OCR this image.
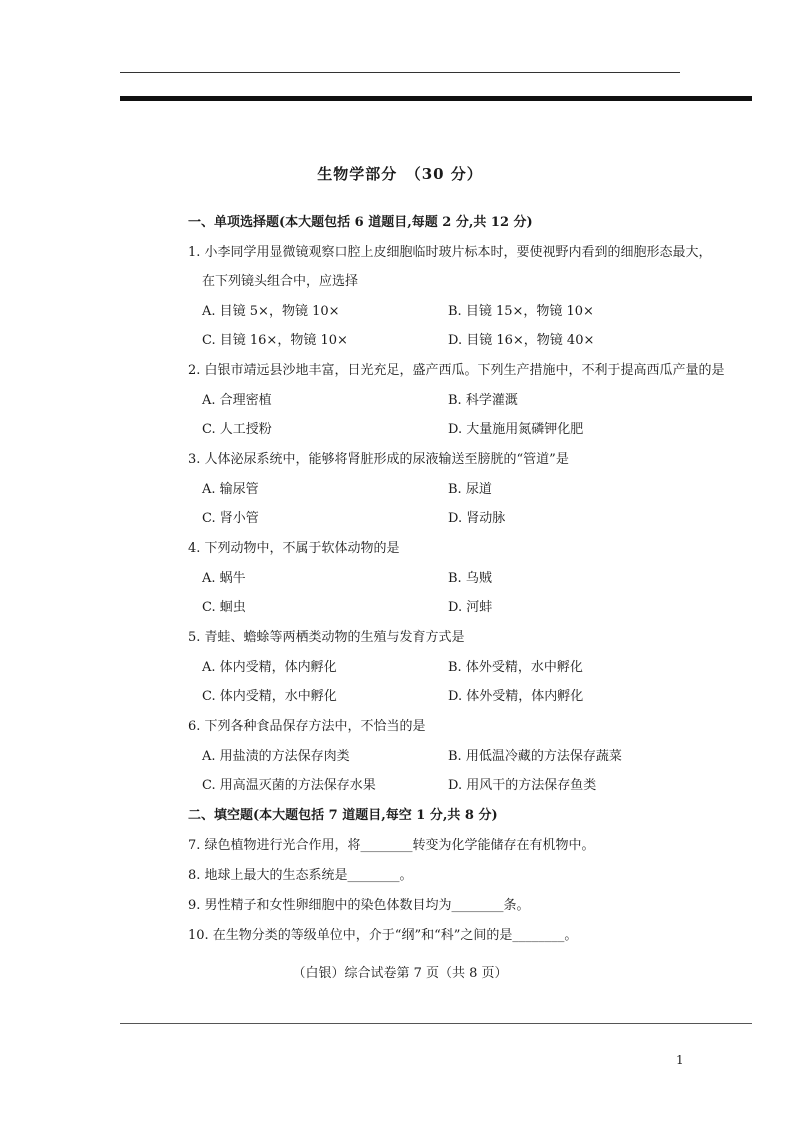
生物学部分　（30 分）
一、单项选择题(本大题包括 6 道题目,每题 2 分,共 12 分)
1. 小李同学用显微镜观察口腔上皮细胞临时玻片标本时，要使视野内看到的细胞形态最大，
在下列镜头组合中，应选择
A. 目镜 5×，物镜 10×	B. 目镜 15×，物镜 10×
C. 目镜 16×，物镜 10×	D. 目镜 16×，物镜 40×
2. 白银市靖远县沙地丰富，日光充足，盛产西瓜。下列生产措施中，不利于提高西瓜产量的是
A. 合理密植	B. 科学灌溉
C. 人工授粉	D. 大量施用氮磷钾化肥
3. 人体泌尿系统中，能够将肾脏形成的尿液输送至膀胱的“管道”是
A. 输尿管	B. 尿道
C. 肾小管	D. 肾动脉
4. 下列动物中，不属于软体动物的是
A. 蜗牛	B. 乌贼
C. 蛔虫	D. 河蚌
5. 青蛙、蟾蜍等两栖类动物的生殖与发育方式是
A. 体内受精，体内孵化	B. 体外受精，水中孵化
C. 体内受精，水中孵化	D. 体外受精，体内孵化
6. 下列各种食品保存方法中，不恰当的是
A. 用盐渍的方法保存肉类	B. 用低温冷藏的方法保存蔬菜
C. 用高温灭菌的方法保存水果	D. 用风干的方法保存鱼类
二、填空题(本大题包括 7 道题目,每空 1 分,共 8 分)
7. 绿色植物进行光合作用，将________转变为化学能储存在有机物中。
8. 地球上最大的生态系统是________。
9. 男性精子和女性卵细胞中的染色体数目均为________条。
10. 在生物分类的等级单位中，介于“纲”和“科”之间的是________。
（白银）综合试卷第 7 页（共 8 页）
1
